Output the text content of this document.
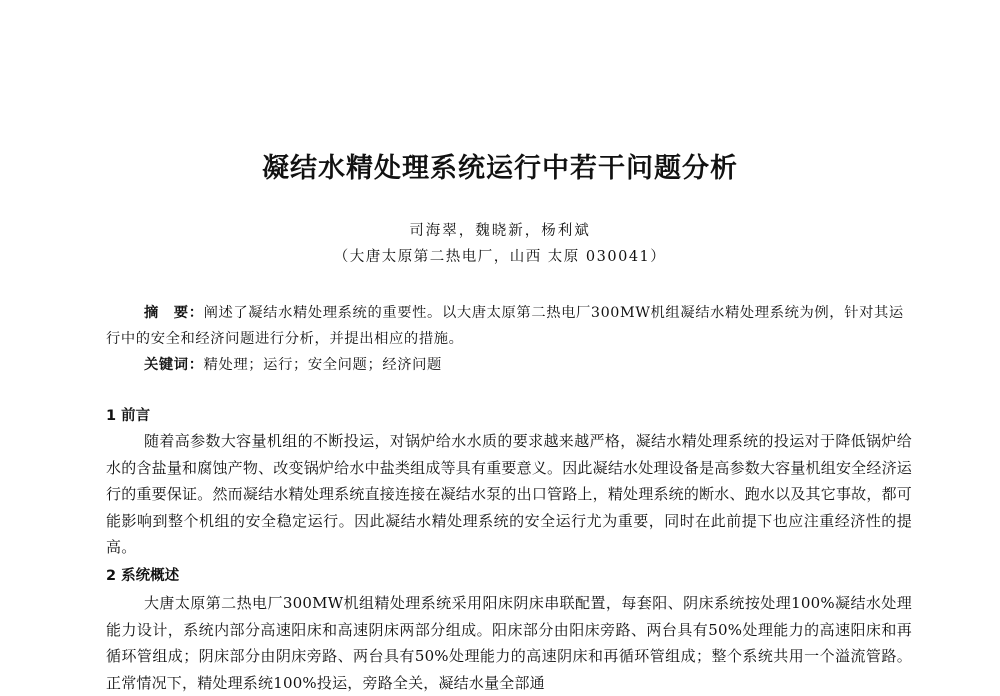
凝结水精处理系统运行中若干问题分析
司海翠，魏晓新，杨利斌
（大唐太原第二热电厂，山西 太原 030041）

摘　要：阐述了凝结水精处理系统的重要性。以大唐太原第二热电厂300MW机组凝结水精处理系统为例，针对其运行中的安全和经济问题进行分析，并提出相应的措施。

关键词：精处理；运行；安全问题；经济问题

1 前言

随着高参数大容量机组的不断投运，对锅炉给水水质的要求越来越严格，凝结水精处理系统的投运对于降低锅炉给水的含盐量和腐蚀产物、改变锅炉给水中盐类组成等具有重要意义。因此凝结水处理设备是高参数大容量机组安全经济运行的重要保证。然而凝结水精处理系统直接连接在凝结水泵的出口管路上，精处理系统的断水、跑水以及其它事故，都可能影响到整个机组的安全稳定运行。因此凝结水精处理系统的安全运行尤为重要，同时在此前提下也应注重经济性的提高。

2 系统概述

大唐太原第二热电厂300MW机组精处理系统采用阳床阴床串联配置，每套阳、阴床系统按处理100%凝结水处理能力设计，系统内部分高速阳床和高速阴床两部分组成。阳床部分由阳床旁路、两台具有50%处理能力的高速阳床和再循环管组成；阴床部分由阴床旁路、两台具有50%处理能力的高速阴床和再循环管组成；整个系统共用一个溢流管路。正常情况下，精处理系统100%投运，旁路全关，凝结水量全部通
